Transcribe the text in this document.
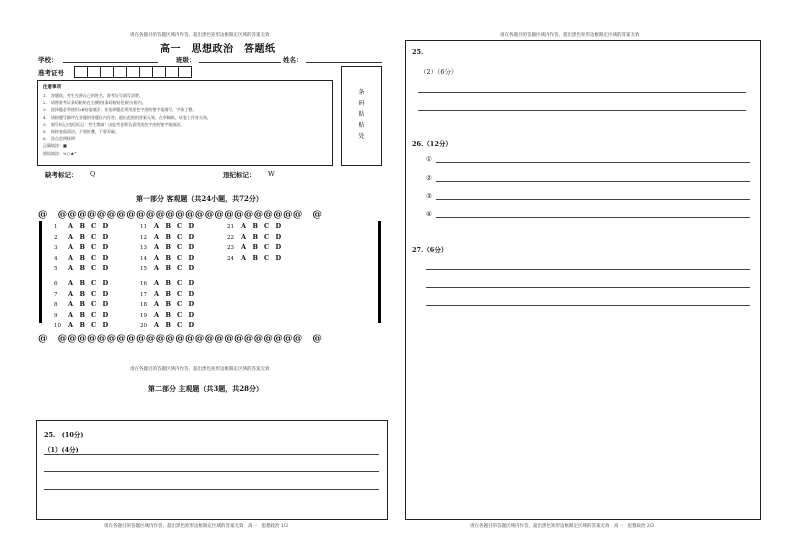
请在各题目的答题区域内作答，超出黑色矩形边框限定区域的答案无效
高一　思想政治　答题纸
学校：	班级：	姓名：
准考证号
注意事项
1.　答题前，考生先将自己的姓名、准考证号填写清楚。
2.　请将准考证条码粘贴在右侧的[条码粘贴处]的方框内。
3.　选择题必须使用2B铅笔填涂；非选择题必须用黑色字迹的签字笔填写，字体工整。
4.　请按题号顺序在各题的答题区内作答，超出范围的答案无效，在草稿纸、试卷上作答无效。
5.　填号标记/违纪标记：考生禁填！由监考老师负责用黑色字迹的签字笔填涂。
6.　保持卷面清洁，不要折叠，不要弄破。
6.　涂点范例样例：
正确填涂：■
错误填涂：%○★*
条
码
粘
贴
处
缺考标记： Q	违纪标记： W
第一部分 客观题（共24小题，共72分）
@　@@@@@@@@@@@@@@@@@@@@@@@@@　@
1 A B C D
2 A B C D
3 A B C D
4 A B C D
5 A B C D
6 A B C D
7 A B C D
8 A B C D
9 A B C D
10 A B C D
11 A B C D
12 A B C D
13 A B C D
14 A B C D
15 A B C D
16 A B C D
17 A B C D
18 A B C D
19 A B C D
20 A B C D
21 A B C D
22 A B C D
23 A B C D
24 A B C D
@　@@@@@@@@@@@@@@@@@@@@@@@@@　@
请在各题目的答题区域内作答，超出黑色矩形边框限定区域的答案无效
第二部分 主观题（共3题，共28分）
25.　(10分)
（1）(4分)
请在各题目的答题区域内作答，超出黑色矩形边框限定区域的答案无效　高一　思想政治 1/2
请在各题目的答题区域内作答，超出黑色矩形边框限定区域的答案无效
25.
（2）（6分）
26.（12分）
①
②
③
④
27.（6分）
请在各题目的答题区域内作答，超出黑色矩形边框限定区域的答案无效　高一　思想政治 2/2
